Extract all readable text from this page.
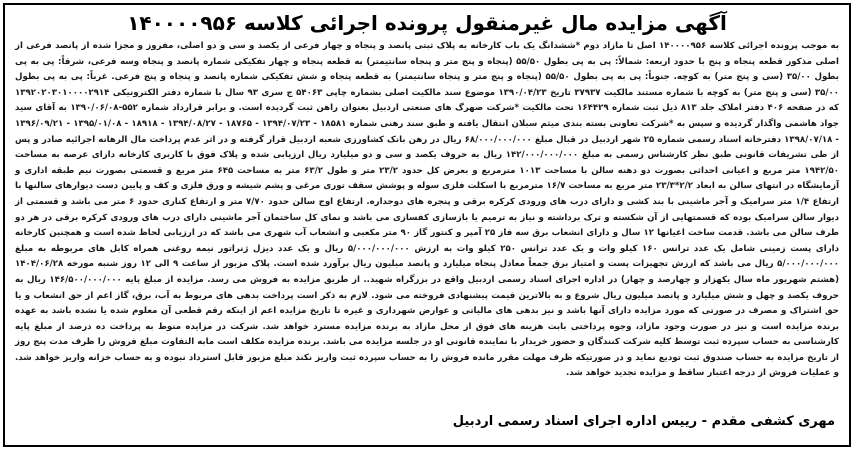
آگهی مزایده مال غیرمنقول پرونده اجرائی کلاسه ۱۴۰۰۰۰۹۵۶
به موجب پرونده اجرائی کلاسه ۱۴۰۰۰۰۹۵۶ اصل تا مازاد دوم *ششدانگ یک باب کارخانه به پلاک ثبتی پانصد و پنجاه و چهار فرعی از یکصد و سی و دو اصلی، مفروز و مجزا شده از پانصد فرعی از اصلی مذکور قطعه پنجاه و پنج با حدود اربعه: شمالاً: پی به پی بطول ۵۵/۵۰ (پنجاه و پنج متر و پنجاه سانتیمتر) به قطعه پنجاه و چهار تفکیکی شماره پانصد و پنجاه وسه فرعی، شرقاً: پی به پی بطول ۳۵/۰۰ (سی و پنج متر) به کوچه. جنوباً: پی به پی بطول ۵۵/۵۰ (پنجاه و پنج متر و پنجاه سانتیمتر) به قطعه پنجاه و شش تفکیکی شماره پانصد و پنجاه و پنج فرعی. غرباً: پی به پی بطول ۳۵/۰۰ (سی و پنج متر) به کوچه با شماره مستند مالکیت ۳۷۹۳۷ تاریخ ۱۳۹۰/۰۴/۲۳ موضوع سند مالکیت اصلی بشماره چاپی ۵۴۰۶۳ ج سری ۹۳ سال با شماره دفتر الکترونیکی ۱۳۹۲۰۲۰۳۰۱۰۰۰۰۲۹۱۴ که در صفحه ۴۰۶ دفتر املاک جلد ۸۱۳ ذیل ثبت شماره ۱۶۴۴۲۹ تحت مالکیت *شرکت صهرگ های صنعتی اردبیل بعنوان راهن ثبت گردیده است. و برابر قرارداد شماره ۵۵۲-۱۳۹۰/۰۶/۰۸ به آقای سید جواد هاشمی واگذار گردیده و سپس به *شرکت تعاونی بسته بندی میثم سبلان انتقال یافته و طبق سند رهنی شماره ۱۸۵۸۱ - ۱۳۹۴/۰۷/۲۳ - ۱۸۷۶۵ - ۱۳۹۴/۰۸/۲۷ - ۱۸۹۱۸ - ۱۳۹۵/۰۱/۰۸ - ۱۳۹۶/۰۹/۲۱ - ۱۳۹۸/۰۷/۱۸ دفترخانه اسناد رسمی شماره ۲۵ شهر اردبیل در قبال مبلغ ۶۸/۰۰۰/۰۰۰/۰۰۰ ریال در رهن بانک کشاورزی شعبه اردبیل قرار گرفته و در اثر عدم پرداخت مال الرهانه اجرائیه صادر و پس از طی تشریفات قانونی طبق نظر کارشناس رسمی به مبلغ ۱۴۲/۰۰۰/۰۰۰/۰۰۰ ریال به حروف یکصد و سی و دو میلیارد ریال ارزیابی شده و پلاک فوق با کاربری کارخانه دارای عرصه به مساحت ۱۹۴۲/۵۰ متر مربع و اعیانی احداثی بصورت دو دهنه سالن با مساحت ۱۰۱۳ مترمربع و بعرض کل حدود ۲۳/۲ متر و طول ۶۳/۲ متر به مساحت ۶۴۵ متر مربع و قسمتی بصورت نیم طبقه اداری و آزمایشگاه در انتهای سالن به ابعاد ۲/۲*۲۳/۳ متر مربع به مساحت ۱۶/۷ مترمربع با اسکلت فلزی سوله و پوشش سقف توری مرغی و پشم شیشه و ورق فلزی و کف و پایین دست دیوارهای سالنها با ارتفاع ۱/۴ متر سرامیک و آجر ماشینی با بند کشی و دارای درب های ورودی کرکره برقی و پنجره های دوجداره. ارتفاع اوج سالن حدود ۷/۷۰ متر و ارتفاع کناری حدود ۶ متر می باشد و قسمتی از دیوار سالن سرامیک بوده که قسمتهایی از آن شکسته و ترک برداشته و نیاز به ترمیم یا بازسازی کفسازی می باشد و نمای کل ساختمان آجر ماشینی دارای درب های ورودی کرکره برقی در هر دو طرف سالن می باشد. قدمت ساخت اعیانها ۱۲ سال و دارای انشعاب برق سه فاز ۲۵ آمپر و کنتور گاز ۹۰ متر مکعبی و انشعاب آب شهری می باشد که در ارزیابی لحاظ شده است و همچنین کارخانه دارای پست زمینی شامل یک عدد ترانس ۱۶۰ کیلو وات و یک عدد ترانس ۲۵۰ کیلو وات به ارزش ۵/۰۰۰/۰۰۰/۰۰۰ ریال و یک عدد دیزل ژنراتور نیمه روغنی همراه کابل های مربوطه به مبلغ ۵/۰۰۰/۰۰۰/۰۰۰ ریال می باشد که ارزش تجهیزات پست و امتیاز برق جمعاً معادل پنجاه میلیارد و پانصد میلیون ریال برآورد شده است. پلاک مزبور از ساعت ۹ الی ۱۲ روز شنبه مورخه ۱۴۰۴/۰۶/۲۸ (هشتم شهریور ماه سال یکهزار و چهارصد و چهار) در اداره اجرای اسناد رسمی اردبیل واقع در بزرگراه شهید.. از طریق مزایده به فروش می رسد. مزایده از مبلغ پایه ۱۴۶/۵۰۰/۰۰۰/۰۰۰ ریال به حروف یکصد و چهل و شش میلیارد و پانصد میلیون ریال شروع و به بالاترین قیمت پیشنهادی فروخته می شود. لازم به ذکر است پرداخت بدهی های مربوط به آب، برق، گاز اعم از حق انشعاب و یا حق اشتراک و مصرف در صورتی که مورد مزایده دارای آنها باشد و نیز بدهی های مالیاتی و عوارض شهرداری و غیره تا تاریخ مزایده اعم از اینکه رقم قطعی آن معلوم شده یا نشده باشد به عهده برنده مزایده است و نیز در صورت وجود مازاد، وجوه پرداختی بابت هزینه های فوق از محل مازاد به برنده مزایده مسترد خواهد شد. شرکت در مزایده منوط به پرداخت ده درصد از مبلغ پایه کارشناسی به حساب سپرده ثبت توسط کلیه شرکت کنندگان و حضور خریدار با نماینده قانونی او در جلسه مزایده می باشد. برنده مزایده مکلف است مابه التفاوت مبلغ فروش را ظرف مدت پنج روز از تاریخ مزایده به حساب صندوق ثبت تودیع نماید و در صورتیکه ظرف مهلت مقرر مانده فروش را به حساب سپرده ثبت واریز نکند مبلغ مزبور قابل استرداد نبوده و به حساب خزانه واریز خواهد شد. و عملیات فروش از درجه اعتبار ساقط و مزایده تجدید خواهد شد.
مهری کشفی مقدم - رییس اداره اجرای اسناد رسمی اردبیل
